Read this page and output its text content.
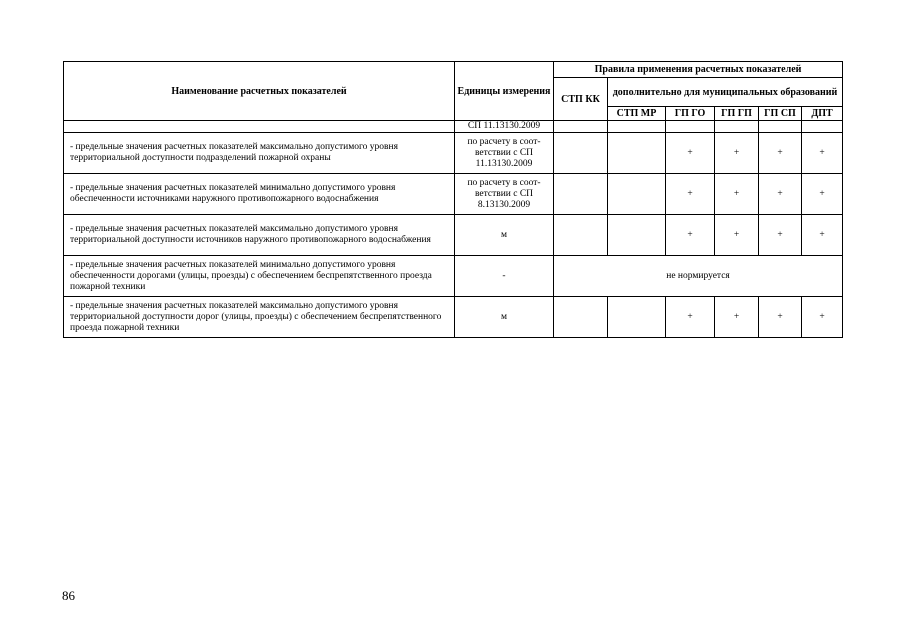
Наименование расчетных показателей	Единицы измерения	Правила применения расчетных показателей					
		СТП КК	дополнительно для муниципальных образований				
			СТП МР	ГП ГО	ГП ГП	ГП СП	ДПТ
	СП 11.13130.2009						
- предельные значения расчетных показателей максимально допустимого уровня территориальной доступности подразделений пожарной охраны	по расчету в соот-ветствии с СП 11.13130.2009			+	+	+	+
- предельные значения расчетных показателей минимально допустимого уровня обеспеченности источниками наружного противопожарного водоснабжения	по расчету в соот-ветствии с СП 8.13130.2009			+	+	+	+
- предельные значения расчетных показателей максимально допустимого уровня территориальной доступности источников наружного противопожарного водоснабжения	м			+	+	+	+
- предельные значения расчетных показателей минимально допустимого уровня обеспеченности дорогами (улицы, проезды) с обеспечением беспрепятственного проезда пожарной техники	-	не нормируется					
- предельные значения расчетных показателей максимально допустимого уровня территориальной доступности дорог (улицы, проезды) с обеспечением беспрепятственного проезда пожарной техники	м			+	+	+	+
86
